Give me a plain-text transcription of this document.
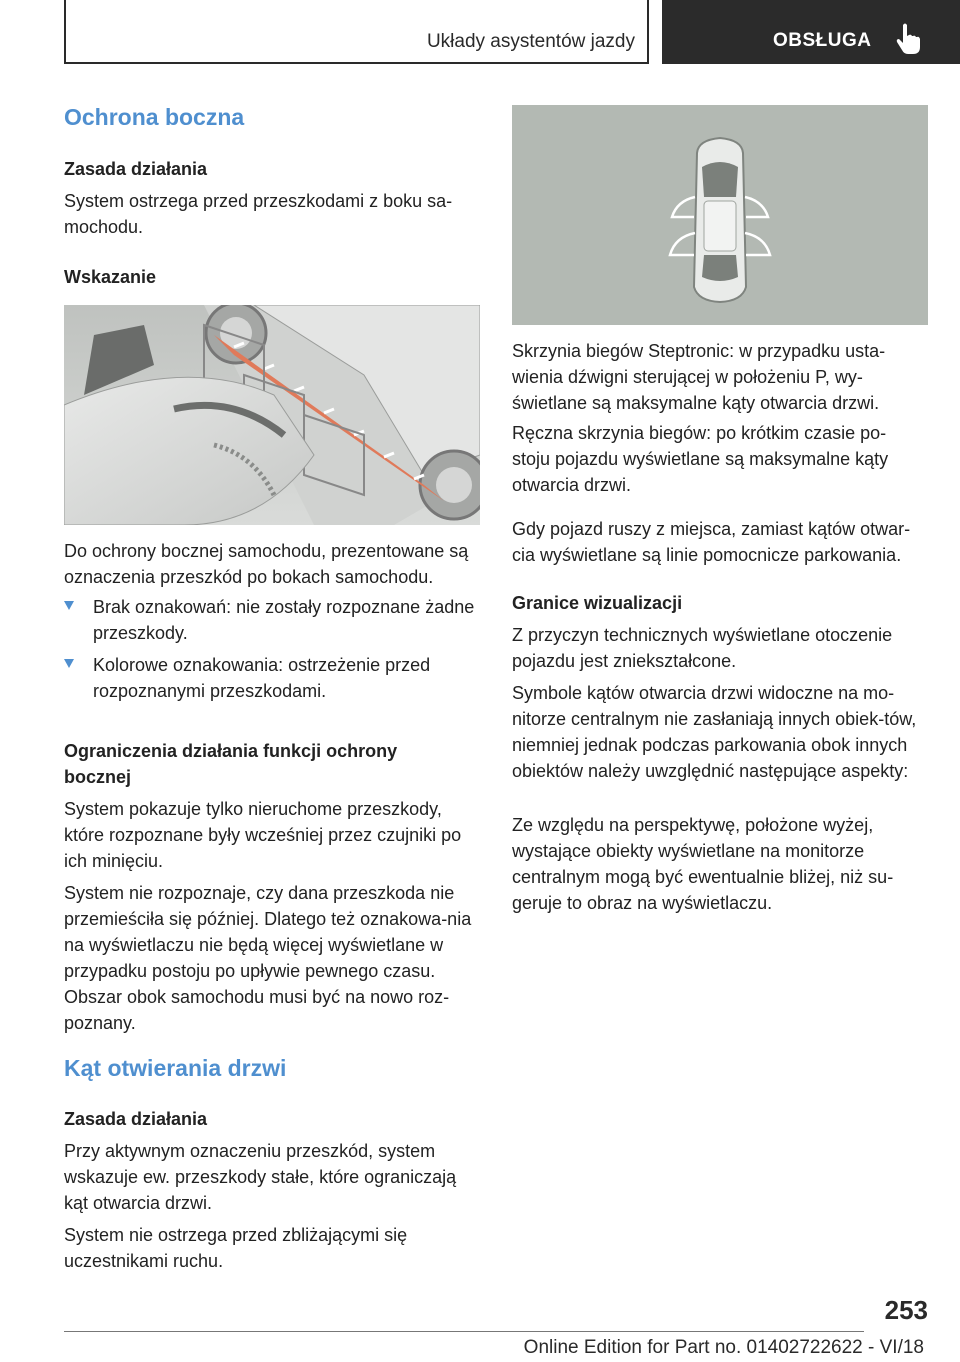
Układy asystentów jazdy	OBSŁUGA
Ochrona boczna
Zasada działania
System ostrzega przed przeszkodami z boku sa-
mochodu.
Wskazanie
Do ochrony bocznej samochodu, prezentowane są oznaczenia przeszkód po bokach samochodu.
Brak oznakowań: nie zostały rozpoznane żadne przeszkody.
Kolorowe oznakowania: ostrzeżenie przed rozpoznanymi przeszkodami.
Ograniczenia działania funkcji ochrony bocznej
System pokazuje tylko nieruchome przeszkody, które rozpoznane były wcześniej przez czujniki po ich minięciu.
System nie rozpoznaje, czy dana przeszkoda nie przemieściła się później. Dlatego też oznakowa-nia na wyświetlaczu nie będą więcej wyświetlane w przypadku postoju po upływie pewnego czasu. Obszar obok samochodu musi być na nowo roz-poznany.
Kąt otwierania drzwi
Zasada działania
Przy aktywnym oznaczeniu przeszkód, system wskazuje ew. przeszkody stałe, które ograniczają kąt otwarcia drzwi.
System nie ostrzega przed zbliżającymi się uczestnikami ruchu.
Skrzynia biegów Steptronic: w przypadku usta-wienia dźwigni sterującej w położeniu P, wy-świetlane są maksymalne kąty otwarcia drzwi.
Ręczna skrzynia biegów: po krótkim czasie po-stoju pojazdu wyświetlane są maksymalne kąty otwarcia drzwi.
Gdy pojazd ruszy z miejsca, zamiast kątów otwar-cia wyświetlane są linie pomocnicze parkowania.
Granice wizualizacji
Z przyczyn technicznych wyświetlane otoczenie pojazdu jest zniekształcone.
Symbole kątów otwarcia drzwi widoczne na mo-nitorze centralnym nie zasłaniają innych obiek-tów, niemniej jednak podczas parkowania obok innych obiektów należy uwzględnić następujące aspekty:
Ze względu na perspektywę, położone wyżej, wystające obiekty wyświetlane na monitorze centralnym mogą być ewentualnie bliżej, niż su-geruje to obraz na wyświetlaczu.
253
Online Edition for Part no. 01402722622 - VI/18
